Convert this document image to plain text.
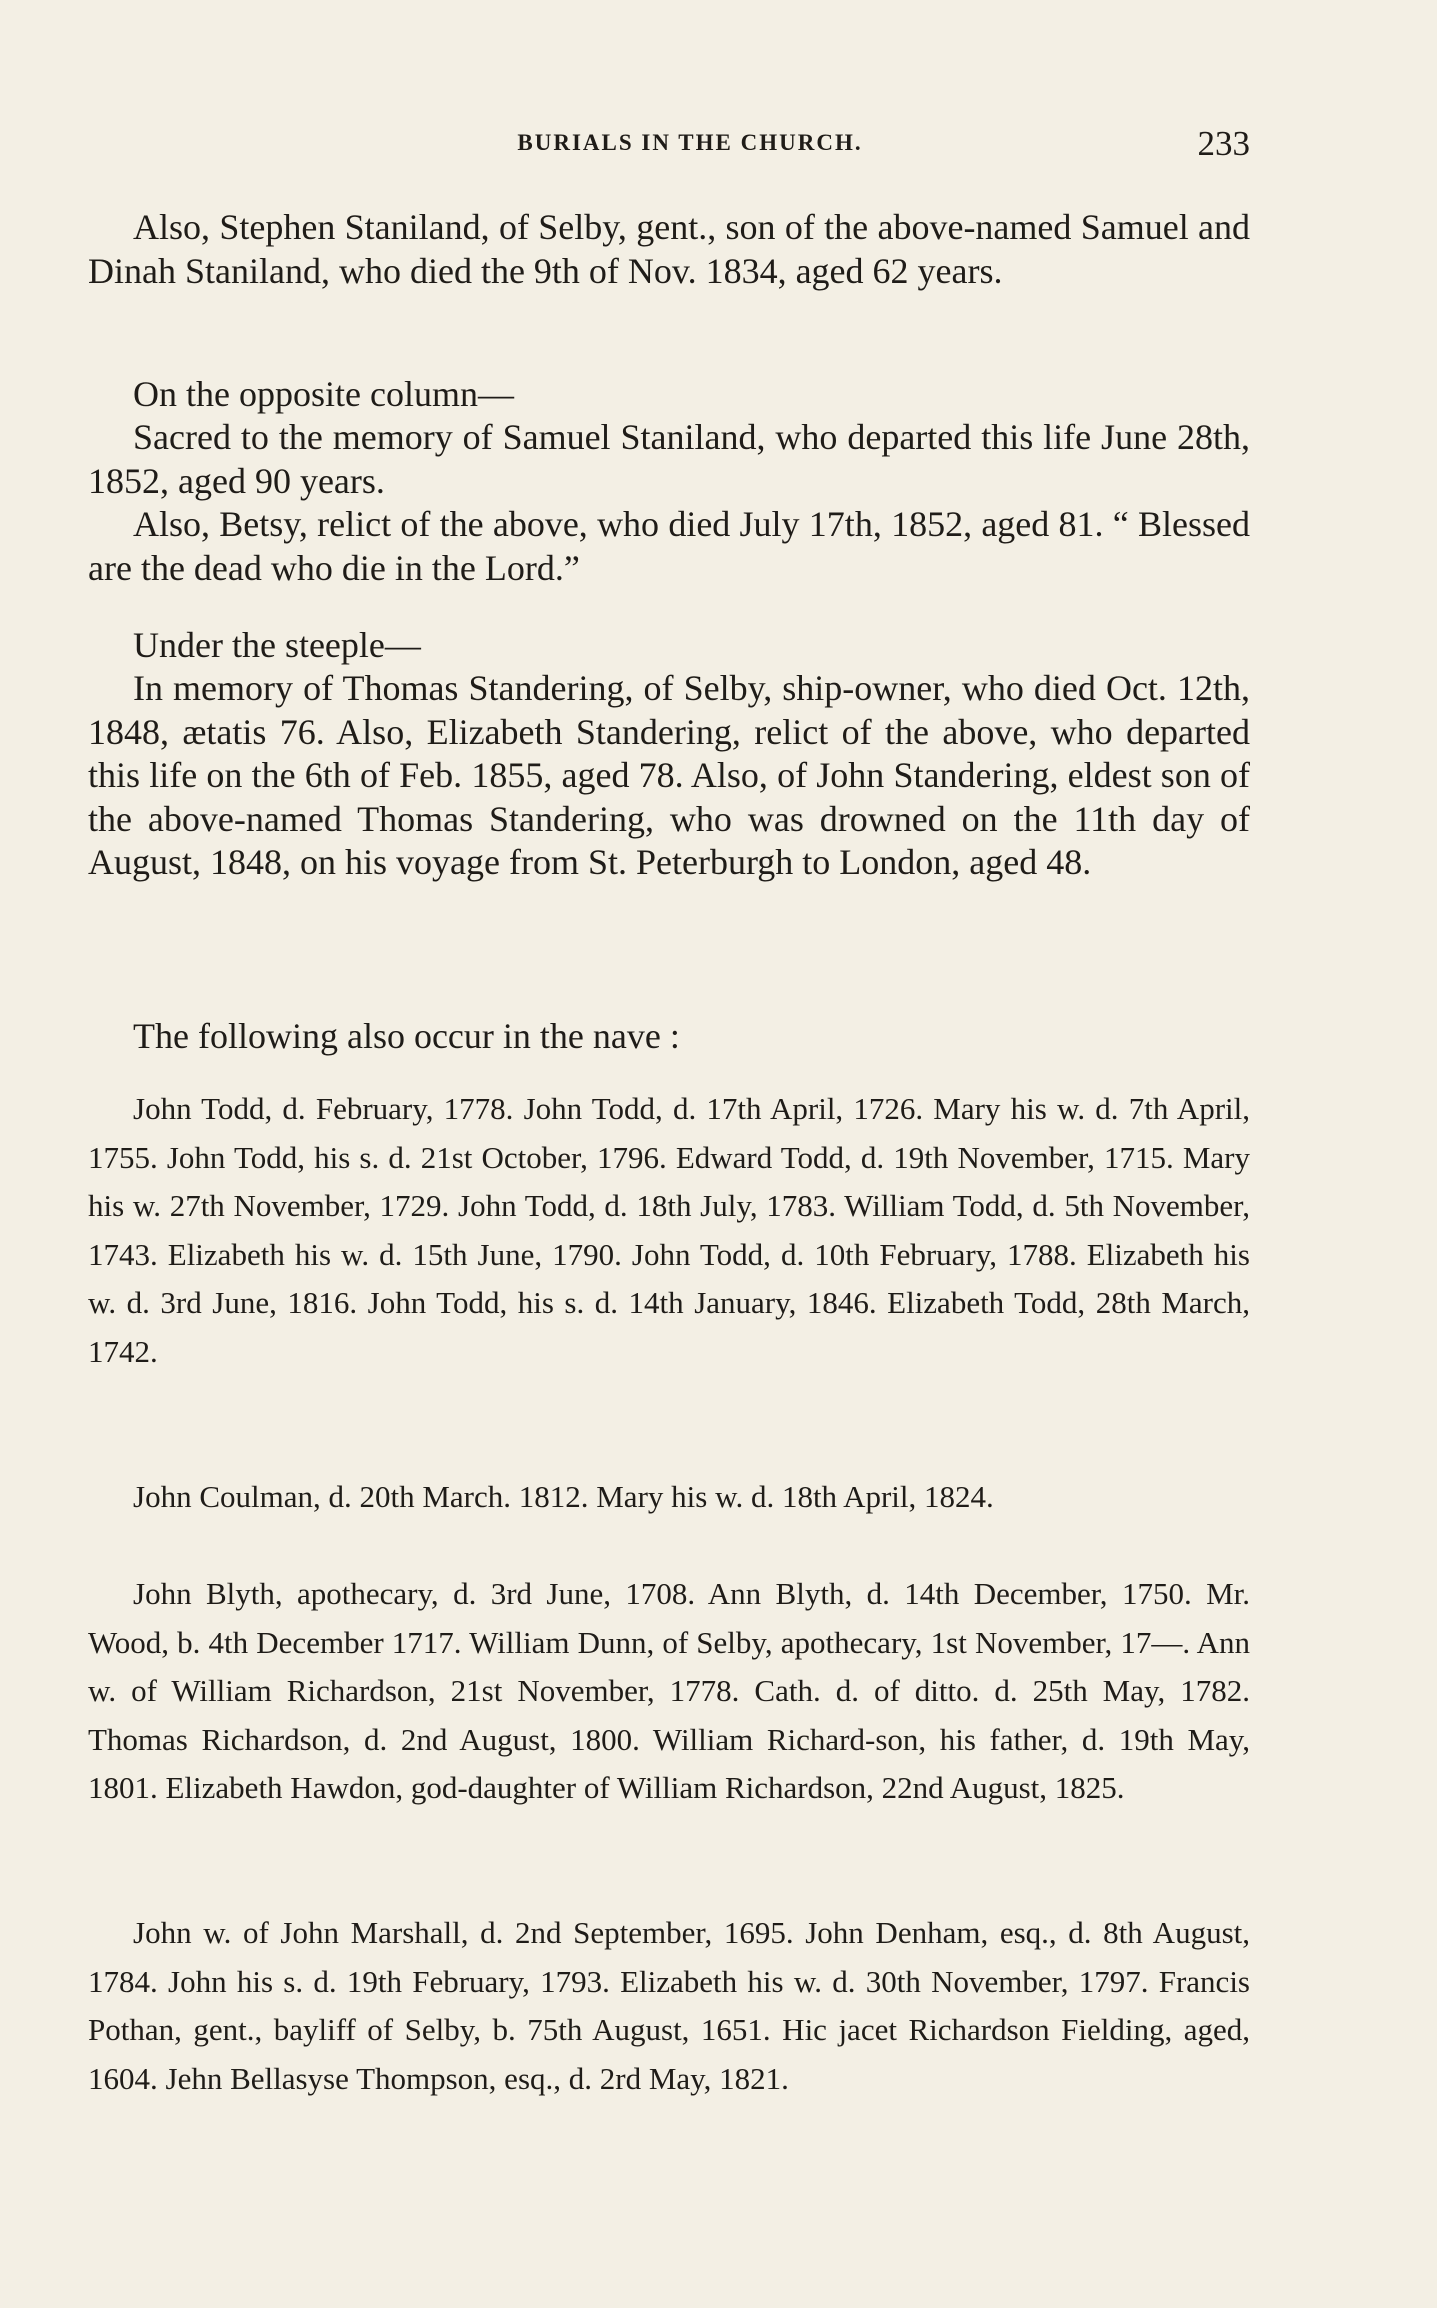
BURIALS IN THE CHURCH.	233

Also, Stephen Staniland, of Selby, gent., son of the above-named Samuel and Dinah Staniland, who died the 9th of Nov. 1834, aged 62 years.

On the opposite column—

Sacred to the memory of Samuel Staniland, who departed this life June 28th, 1852, aged 90 years.

Also, Betsy, relict of the above, who died July 17th, 1852, aged 81. “ Blessed are the dead who die in the Lord.”

Under the steeple—

In memory of Thomas Standering, of Selby, ship-owner, who died Oct. 12th, 1848, ætatis 76. Also, Elizabeth Standering, relict of the above, who departed this life on the 6th of Feb. 1855, aged 78. Also, of John Standering, eldest son of the above-named Thomas Standering, who was drowned on the 11th day of August, 1848, on his voyage from St. Peterburgh to London, aged 48.

The following also occur in the nave :

John Todd, d. February, 1778. John Todd, d. 17th April, 1726. Mary his w. d. 7th April, 1755. John Todd, his s. d. 21st October, 1796. Edward Todd, d. 19th November, 1715. Mary his w. 27th November, 1729. John Todd, d. 18th July, 1783. William Todd, d. 5th November, 1743. Elizabeth his w. d. 15th June, 1790. John Todd, d. 10th February, 1788. Elizabeth his w. d. 3rd June, 1816. John Todd, his s. d. 14th January, 1846. Elizabeth Todd, 28th March, 1742.

John Coulman, d. 20th March. 1812. Mary his w. d. 18th April, 1824.

John Blyth, apothecary, d. 3rd June, 1708. Ann Blyth, d. 14th December, 1750. Mr. Wood, b. 4th December 1717. William Dunn, of Selby, apothecary, 1st November, 17—. Ann w. of William Richardson, 21st November, 1778. Cath. d. of ditto. d. 25th May, 1782. Thomas Richardson, d. 2nd August, 1800. William Richard-son, his father, d. 19th May, 1801. Elizabeth Hawdon, god-daughter of William Richardson, 22nd August, 1825.

John w. of John Marshall, d. 2nd September, 1695. John Denham, esq., d. 8th August, 1784. John his s. d. 19th February, 1793. Elizabeth his w. d. 30th November, 1797. Francis Pothan, gent., bayliff of Selby, b. 75th August, 1651. Hic jacet Richardson Fielding, aged, 1604. Jehn Bellasyse Thompson, esq., d. 2rd May, 1821.
